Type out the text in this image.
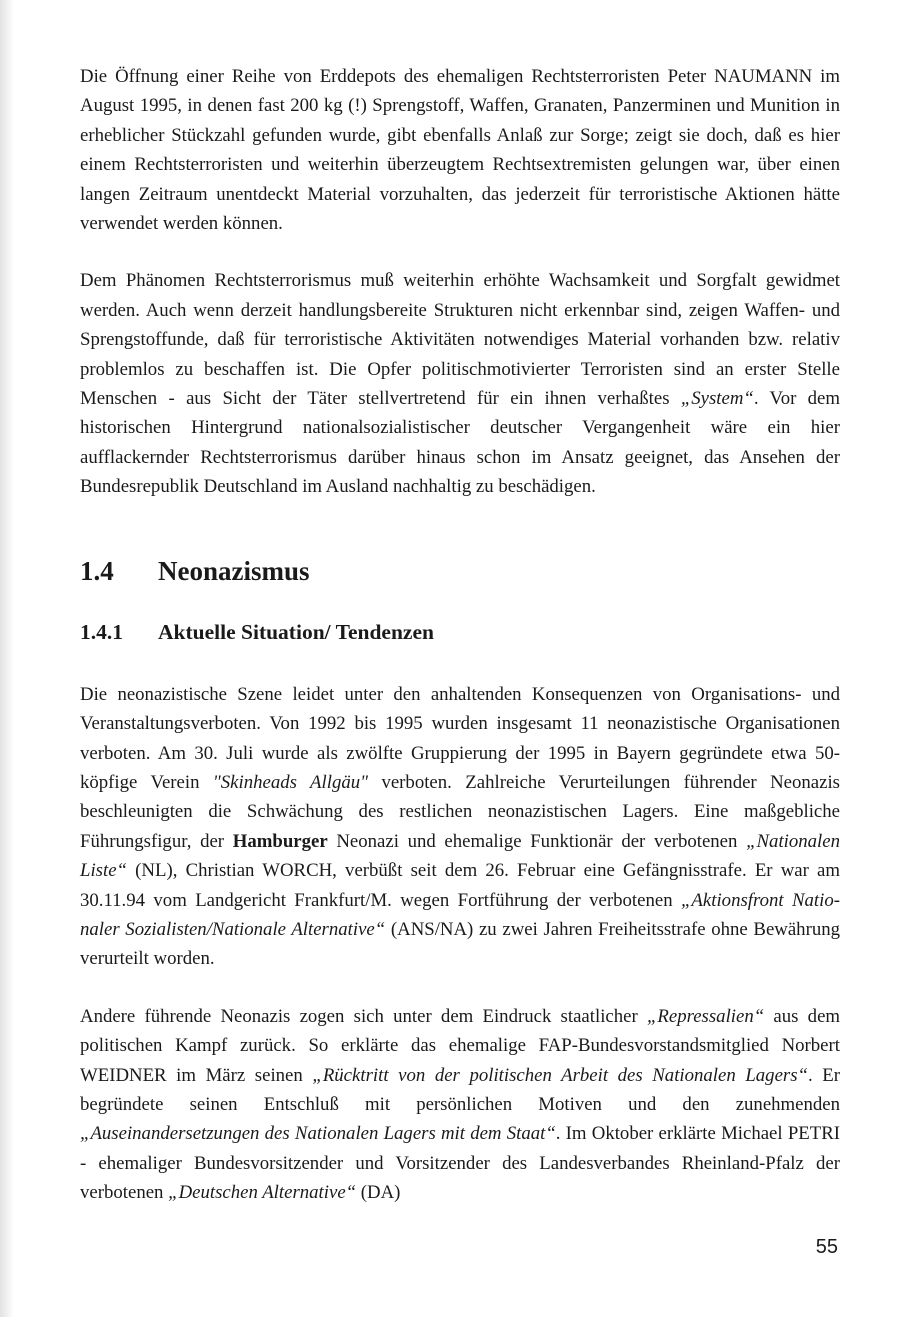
Die Öffnung einer Reihe von Erddepots des ehemaligen Rechtsterroristen Peter NAUMANN im August 1995, in denen fast 200 kg (!) Sprengstoff, Waffen, Granaten, Panzerminen und Munition in erheblicher Stückzahl gefunden wurde, gibt ebenfalls Anlaß zur Sorge; zeigt sie doch, daß es hier einem Rechtsterroristen und weiterhin überzeugtem Rechtsextremisten gelungen war, über einen langen Zeitraum unentdeckt Material vorzuhalten, das jederzeit für terroristische Aktionen hätte verwendet werden können.

Dem Phänomen Rechtsterrorismus muß weiterhin erhöhte Wachsamkeit und Sorgfalt gewidmet werden. Auch wenn derzeit handlungsbereite Strukturen nicht erkennbar sind, zeigen Waffen- und Sprengstoffunde, daß für terroristische Aktivitäten notwendiges Material vorhanden bzw. relativ problemlos zu beschaffen ist. Die Opfer politischmotivierter Terroristen sind an erster Stelle Menschen - aus Sicht der Täter stellvertretend für ein ihnen verhaßtes „System“. Vor dem historischen Hintergrund nationalsozialistischer deutscher Vergangenheit wäre ein hier aufflackernder Rechtsterrorismus darüber hinaus schon im Ansatz geeignet, das Ansehen der Bundesrepublik Deutschland im Ausland nachhaltig zu beschädigen.

1.4 Neonazismus
1.4.1 Aktuelle Situation/ Tendenzen

Die neonazistische Szene leidet unter den anhaltenden Konsequenzen von Organisations- und Veranstaltungsverboten. Von 1992 bis 1995 wurden insgesamt 11 neonazistische Organisationen verboten. Am 30. Juli wurde als zwölfte Gruppierung der 1995 in Bayern gegründete etwa 50-köpfige Verein "Skinheads Allgäu" verboten. Zahlreiche Verurteilungen führender Neonazis beschleunigten die Schwächung des restlichen neonazistischen Lagers. Eine maßgebliche Führungsfigur, der Hamburger Neonazi und ehemalige Funktionär der verbotenen „Nationalen Liste“ (NL), Christian WORCH, verbüßt seit dem 26. Februar eine Gefängnisstrafe. Er war am 30.11.94 vom Landgericht Frankfurt/M. wegen Fortführung der verbotenen „Aktionsfront Nationaler Sozialisten/Nationale Alternative“ (ANS/NA) zu zwei Jahren Freiheitsstrafe ohne Bewährung verurteilt worden.

Andere führende Neonazis zogen sich unter dem Eindruck staatlicher „Repressalien“ aus dem politischen Kampf zurück. So erklärte das ehemalige FAP-Bundesvorstandsmitglied Norbert WEIDNER im März seinen „Rücktritt von der politischen Arbeit des Nationalen Lagers“. Er begründete seinen Entschluß mit persönlichen Motiven und den zunehmenden „Auseinandersetzungen des Nationalen Lagers mit dem Staat“. Im Oktober erklärte Michael PETRI - ehemaliger Bundesvorsitzender und Vorsitzender des Landesverbandes Rheinland-Pfalz der verbotenen „Deutschen Alternative“ (DA)

55
